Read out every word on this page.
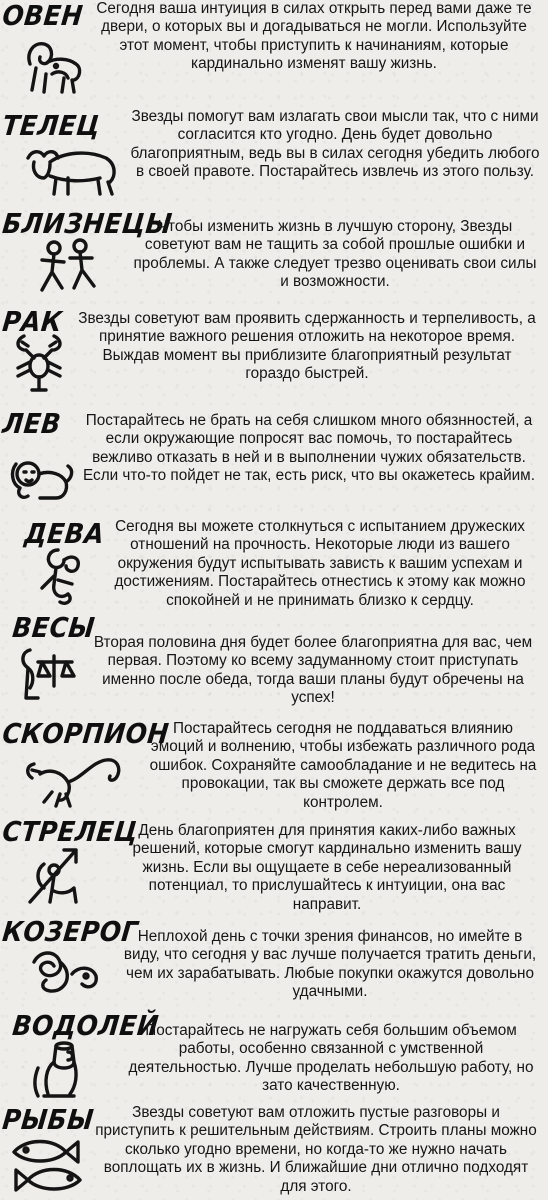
ОВЕН Сегодня ваша интуиция в силах открыть перед вами даже те двери, о которых вы и догадываться не могли. Используйте этот момент, чтобы приступить к начинаниям, которые кардинально изменят вашу жизнь.

ТЕЛЕЦ Звезды помогут вам излагать свои мысли так, что с ними согласится кто угодно. День будет довольно благоприятным, ведь вы в силах сегодня убедить любого в своей правоте. Постарайтесь извлечь из этого пользу.

БЛИЗНЕЦЫ

Чтобы изменить жизнь в лучшую сторону, Звезды советуют вам не тащить за собой прошлые ошибки и проблемы. А также следует трезво оценивать свои силы и возможности.

РАК Звезды советуют вам проявить сдержанность и терпеливость, а принятие важного решения отложить на некоторое время. Выждав момент вы приблизите благоприятный результат гораздо быстрей.

ЛЕВ	Постарайтесь не брать на себя слишком много обязнностей, а если окружающие попросят вас помочь, то постарайтесь вежливо отказать в ней и в выполнении чужих обязательств. Если что-то пойдет не так, есть риск, что вы окажетесь крайим.

ДЕВА Сегодня вы можете столкнуться с испытанием дружеских отношений на прочность. Некоторые люди из вашего окружения будут испытывать зависть к вашим успехам и достижениям. Постарайтесь отнестись к этому как можно спокойней и не принимать близко к сердцу.

ВЕСЫ

Вторая половина дня будет более благоприятна для вас, чем первая. Поэтому ко всему задуманному стоит приступать именно после обеда, тогда ваши планы будут обречены на успех!

СКОРПИОН Постарайтесь сегодня не поддаваться влиянию эмоций и волнению, чтобы избежать различного рода ошибок. Сохраняйте самообладание и не ведитесь на провокации, так вы сможете держать все под контролем.

СТРЕЛЕЦ

День благоприятен для принятия каких-либо важных решений, которые смогут кардинально изменить вашу жизнь. Если вы ощущаете в себе нереализованный потенциал, то прислушайтесь к интуиции, она вас направит.

КОЗЕРОГ

Неплохой день с точки зрения финансов, но имейте в виду, что сегодня у вас лучше получается тратить деньги, чем их зарабатывать. Любые покупки окажутся довольно удачными.

ВОДОЛЕЙ

Постарайтесь не нагружать себя большим объемом работы, особенно связанной с умственной деятельностью. Лучше проделать небольшую работу, но зато качественную.

РЫБЫ	Звезды советуют вам отложить пустые разговоры и приступить к решительным действиям. Строить планы можно сколько угодно времени, но когда-то же нужно начать воплощать их в жизнь. И ближайшие дни отлично подходят для этого.
